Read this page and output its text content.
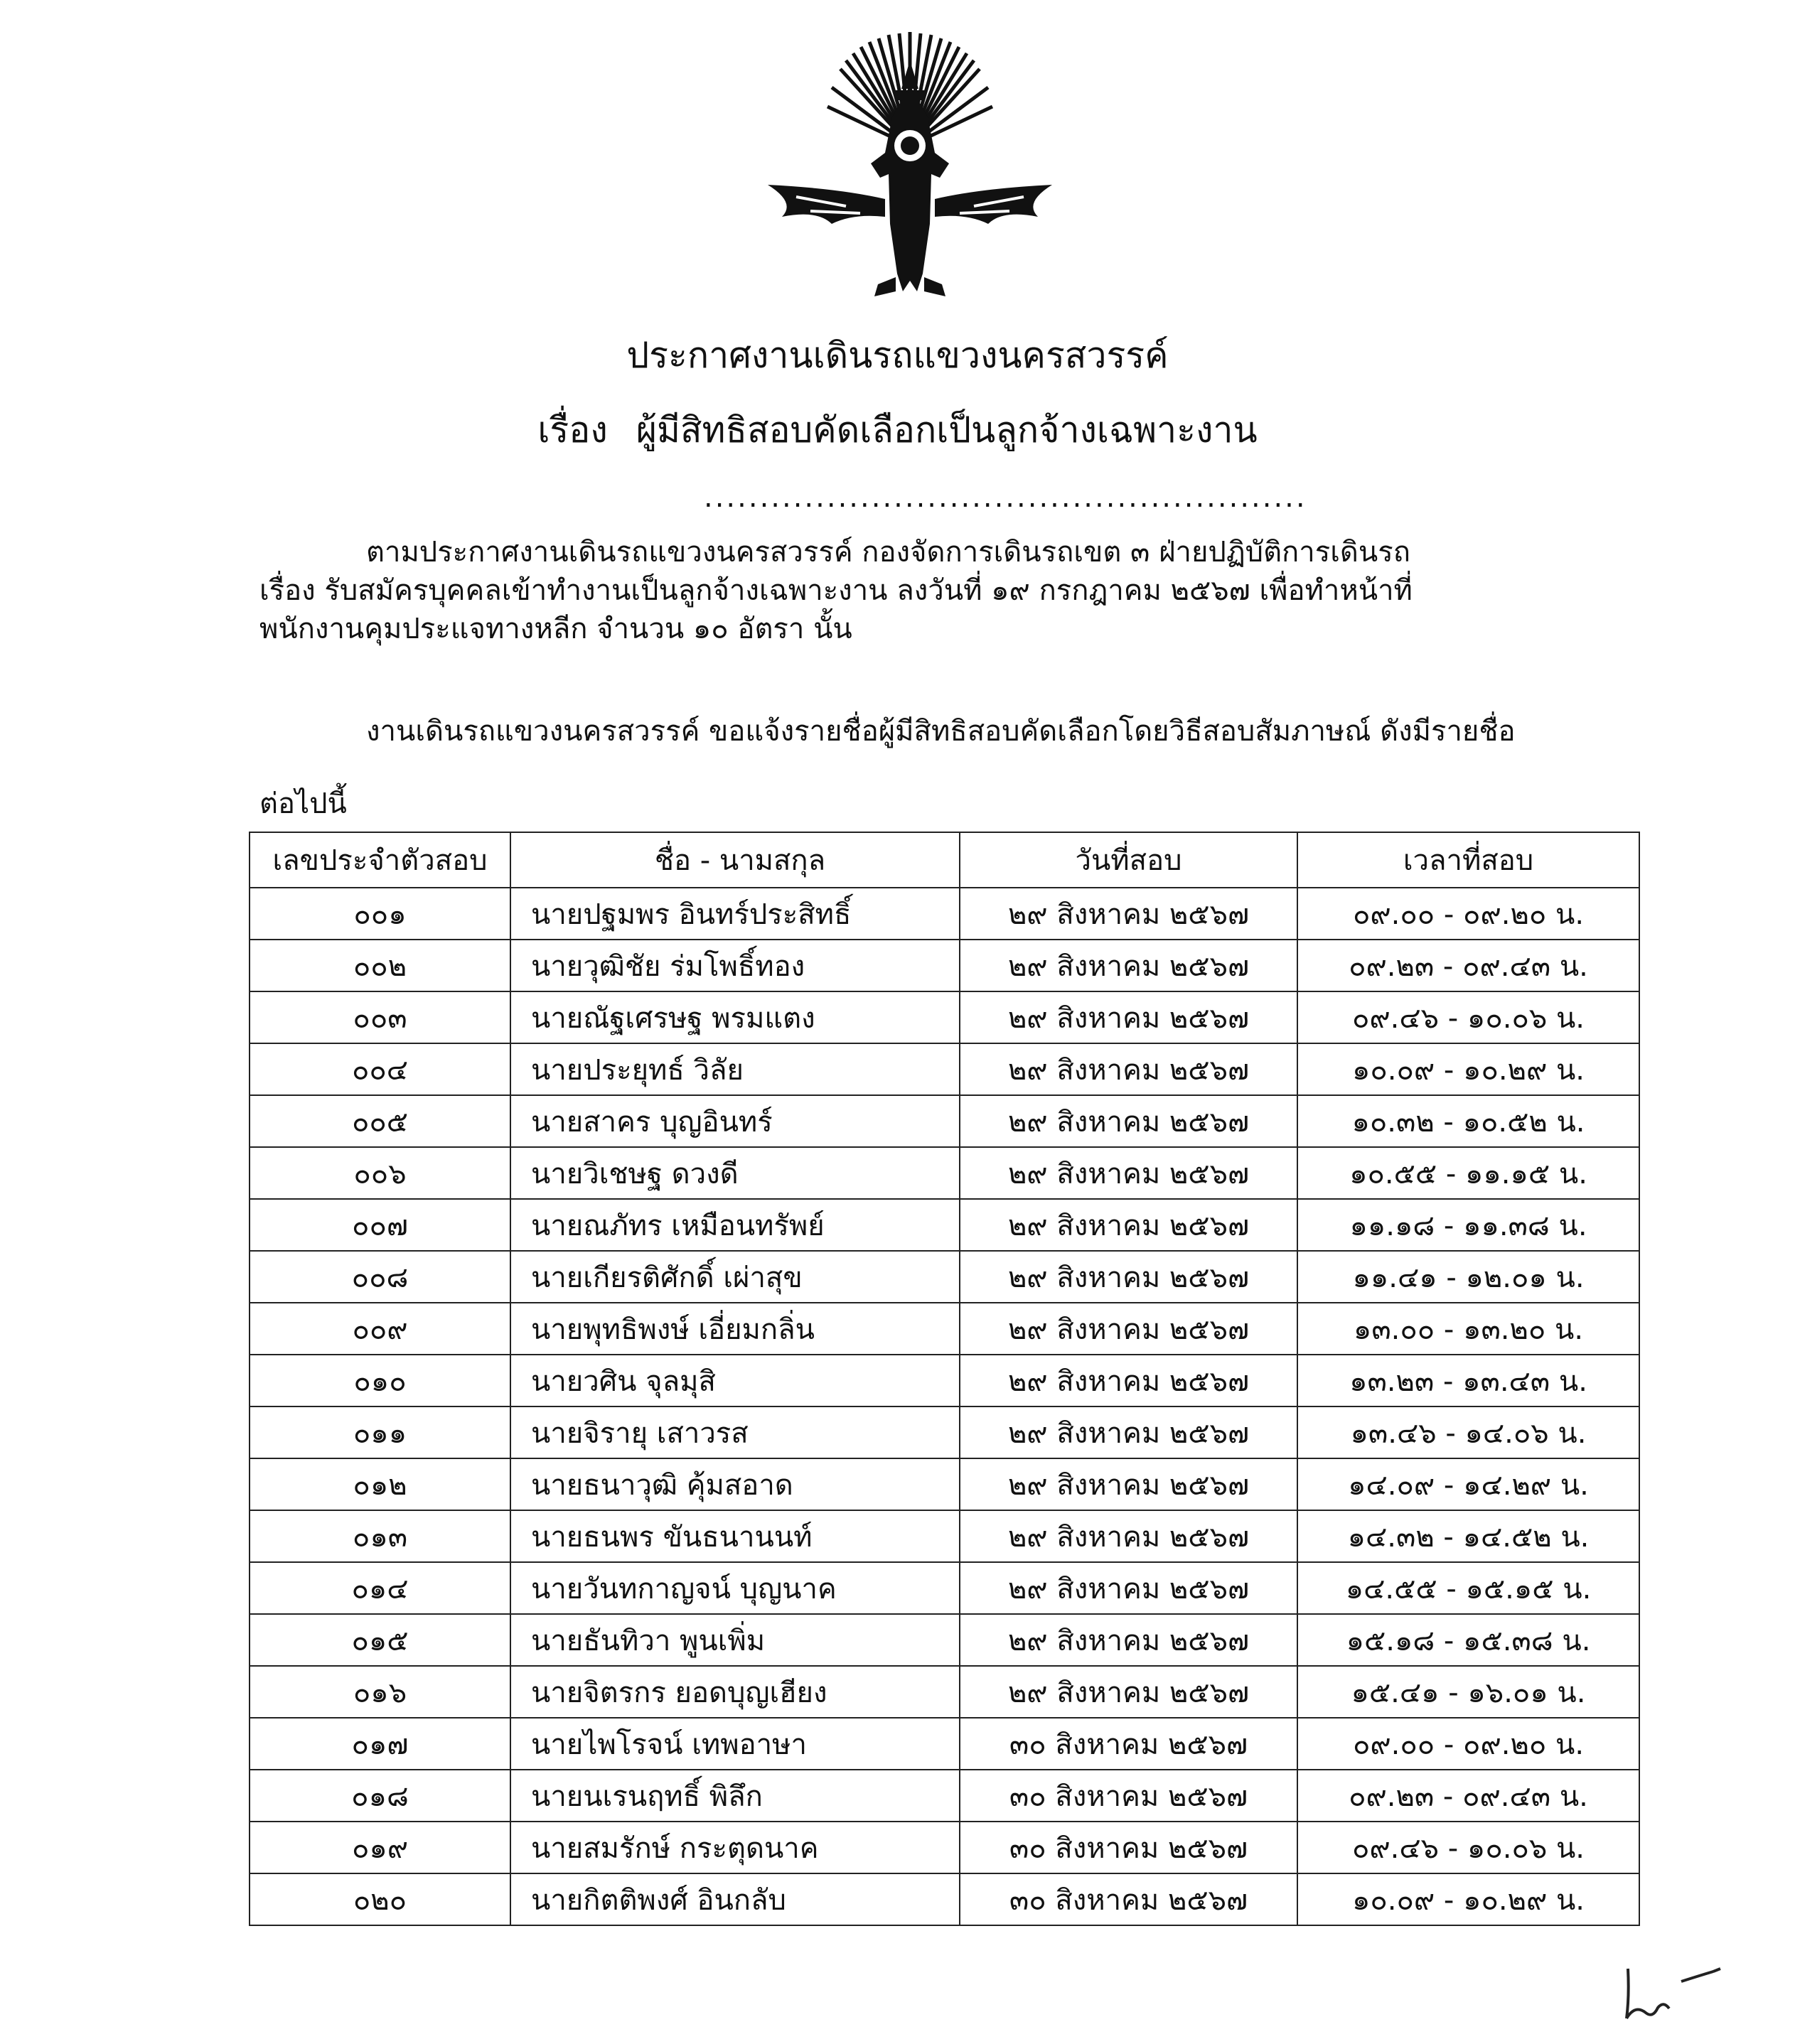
ประกาศงานเดินรถแขวงนครสวรรค์
เรื่อง ผู้มีสิทธิสอบคัดเลือกเป็นลูกจ้างเฉพาะงาน
......................................................
ตามประกาศงานเดินรถแขวงนครสวรรค์ กองจัดการเดินรถเขต ๓ ฝ่ายปฏิบัติการเดินรถ
เรื่อง รับสมัครบุคคลเข้าทำงานเป็นลูกจ้างเฉพาะงาน ลงวันที่ ๑๙ กรกฎาคม ๒๕๖๗ เพื่อทำหน้าที่
พนักงานคุมประแจทางหลีก จำนวน ๑๐ อัตรา นั้น
งานเดินรถแขวงนครสวรรค์ ขอแจ้งรายชื่อผู้มีสิทธิสอบคัดเลือกโดยวิธีสอบสัมภาษณ์ ดังมีรายชื่อ
ต่อไปนี้
เลขประจำตัวสอบ	ชื่อ - นามสกุล	วันที่สอบ	เวลาที่สอบ
๐๐๑	นายปฐมพร อินทร์ประสิทธิ์	๒๙ สิงหาคม ๒๕๖๗	๐๙.๐๐ - ๐๙.๒๐ น.
๐๐๒	นายวุฒิชัย ร่มโพธิ์ทอง	๒๙ สิงหาคม ๒๕๖๗	๐๙.๒๓ - ๐๙.๔๓ น.
๐๐๓	นายณัฐเศรษฐ พรมแตง	๒๙ สิงหาคม ๒๕๖๗	๐๙.๔๖ - ๑๐.๐๖ น.
๐๐๔	นายประยุทธ์ วิลัย	๒๙ สิงหาคม ๒๕๖๗	๑๐.๐๙ - ๑๐.๒๙ น.
๐๐๕	นายสาคร บุญอินทร์	๒๙ สิงหาคม ๒๕๖๗	๑๐.๓๒ - ๑๐.๕๒ น.
๐๐๖	นายวิเชษฐ ดวงดี	๒๙ สิงหาคม ๒๕๖๗	๑๐.๕๕ - ๑๑.๑๕ น.
๐๐๗	นายณภัทร เหมือนทรัพย์	๒๙ สิงหาคม ๒๕๖๗	๑๑.๑๘ - ๑๑.๓๘ น.
๐๐๘	นายเกียรติศักดิ์ เผ่าสุข	๒๙ สิงหาคม ๒๕๖๗	๑๑.๔๑ - ๑๒.๐๑ น.
๐๐๙	นายพุทธิพงษ์ เอี่ยมกลิ่น	๒๙ สิงหาคม ๒๕๖๗	๑๓.๐๐ - ๑๓.๒๐ น.
๐๑๐	นายวศิน จุลมุสิ	๒๙ สิงหาคม ๒๕๖๗	๑๓.๒๓ - ๑๓.๔๓ น.
๐๑๑	นายจิรายุ เสาวรส	๒๙ สิงหาคม ๒๕๖๗	๑๓.๔๖ - ๑๔.๐๖ น.
๐๑๒	นายธนาวุฒิ คุ้มสอาด	๒๙ สิงหาคม ๒๕๖๗	๑๔.๐๙ - ๑๔.๒๙ น.
๐๑๓	นายธนพร ขันธนานนท์	๒๙ สิงหาคม ๒๕๖๗	๑๔.๓๒ - ๑๔.๕๒ น.
๐๑๔	นายวันทกาญจน์ บุญนาค	๒๙ สิงหาคม ๒๕๖๗	๑๔.๕๕ - ๑๕.๑๕ น.
๐๑๕	นายธันทิวา พูนเพิ่ม	๒๙ สิงหาคม ๒๕๖๗	๑๕.๑๘ - ๑๕.๓๘ น.
๐๑๖	นายจิตรกร ยอดบุญเฮียง	๒๙ สิงหาคม ๒๕๖๗	๑๕.๔๑ - ๑๖.๐๑ น.
๐๑๗	นายไพโรจน์ เทพอาษา	๓๐ สิงหาคม ๒๕๖๗	๐๙.๐๐ - ๐๙.๒๐ น.
๐๑๘	นายนเรนฤทธิ์ พิลึก	๓๐ สิงหาคม ๒๕๖๗	๐๙.๒๓ - ๐๙.๔๓ น.
๐๑๙	นายสมรักษ์ กระตุดนาค	๓๐ สิงหาคม ๒๕๖๗	๐๙.๔๖ - ๑๐.๐๖ น.
๐๒๐	นายกิตติพงศ์ อินกลับ	๓๐ สิงหาคม ๒๕๖๗	๑๐.๐๙ - ๑๐.๒๙ น.
